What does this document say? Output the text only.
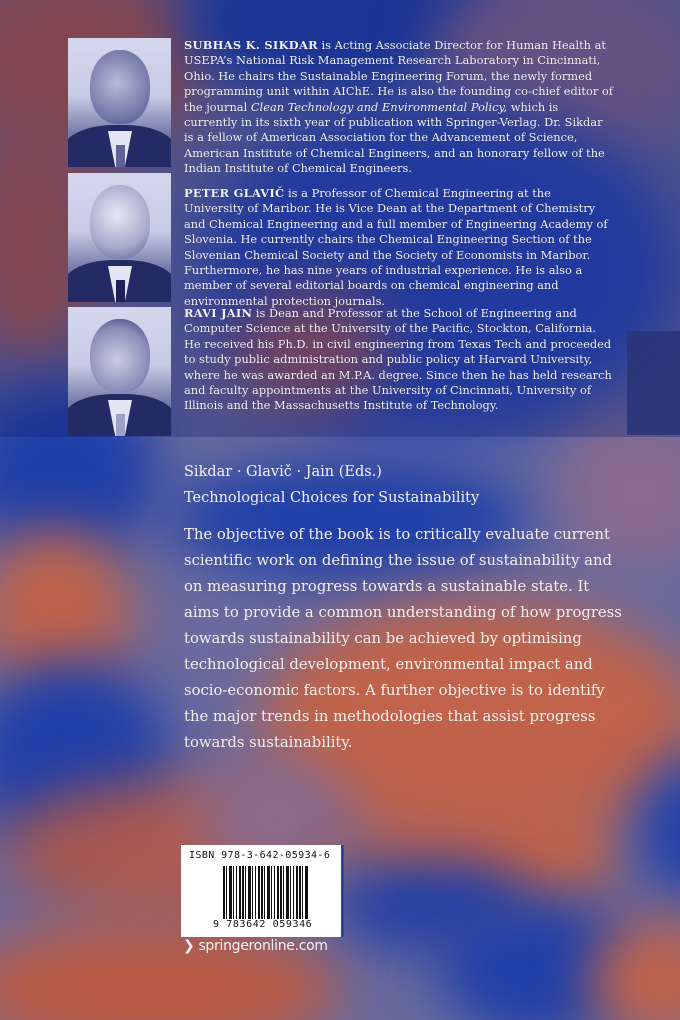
SUBHAS K. SIKDAR is Acting Associate Director for Human Health at USEPA’s National Risk Management Research Laboratory in Cincinnati, Ohio. He chairs the Sustainable Engineering Forum, the newly formed programming unit within AIChE. He is also the founding co-chief editor of the journal Clean Technology and Environmental Policy, which is currently in its sixth year of publication with Springer-Verlag. Dr. Sikdar is a fellow of American Association for the Advancement of Science, American Institute of Chemical Engineers, and an honorary fellow of the Indian Institute of Chemical Engineers.
PETER GLAVIČ is a Professor of Chemical Engineering at the University of Maribor. He is Vice Dean at the Department of Chemistry and Chemical Engineering and a full member of Engineering Academy of Slovenia. He currently chairs the Chemical Engineering Section of the Slovenian Chemical Society and the Society of Economists in Maribor. Furthermore, he has nine years of industrial experience. He is also a member of several editorial boards on chemical engineering and environmental protection journals.
RAVI JAIN is Dean and Professor at the School of Engineering and Computer Science at the University of the Pacific, Stockton, California. He received his Ph.D. in civil engineering from Texas Tech and proceeded to study public administration and public policy at Harvard University, where he was awarded an M.P.A. degree. Since then he has held research and faculty appointments at the University of Cincinnati, University of Illinois and the Massachusetts Institute of Technology.
Sikdar · Glavič · Jain (Eds.)
Technological Choices for Sustainability
The objective of the book is to critically evaluate current scientific work on defining the issue of sustainability and on measuring progress towards a sustainable state. It aims to provide a common understanding of how progress towards sustainability can be achieved by optimising technological development, environmental impact and socio-economic factors. A further objective is to identify the major trends in methodologies that assist progress towards sustainability.
ISBN 978-3-642-05934-6
9 783642 059346
❯ springeronline.com
